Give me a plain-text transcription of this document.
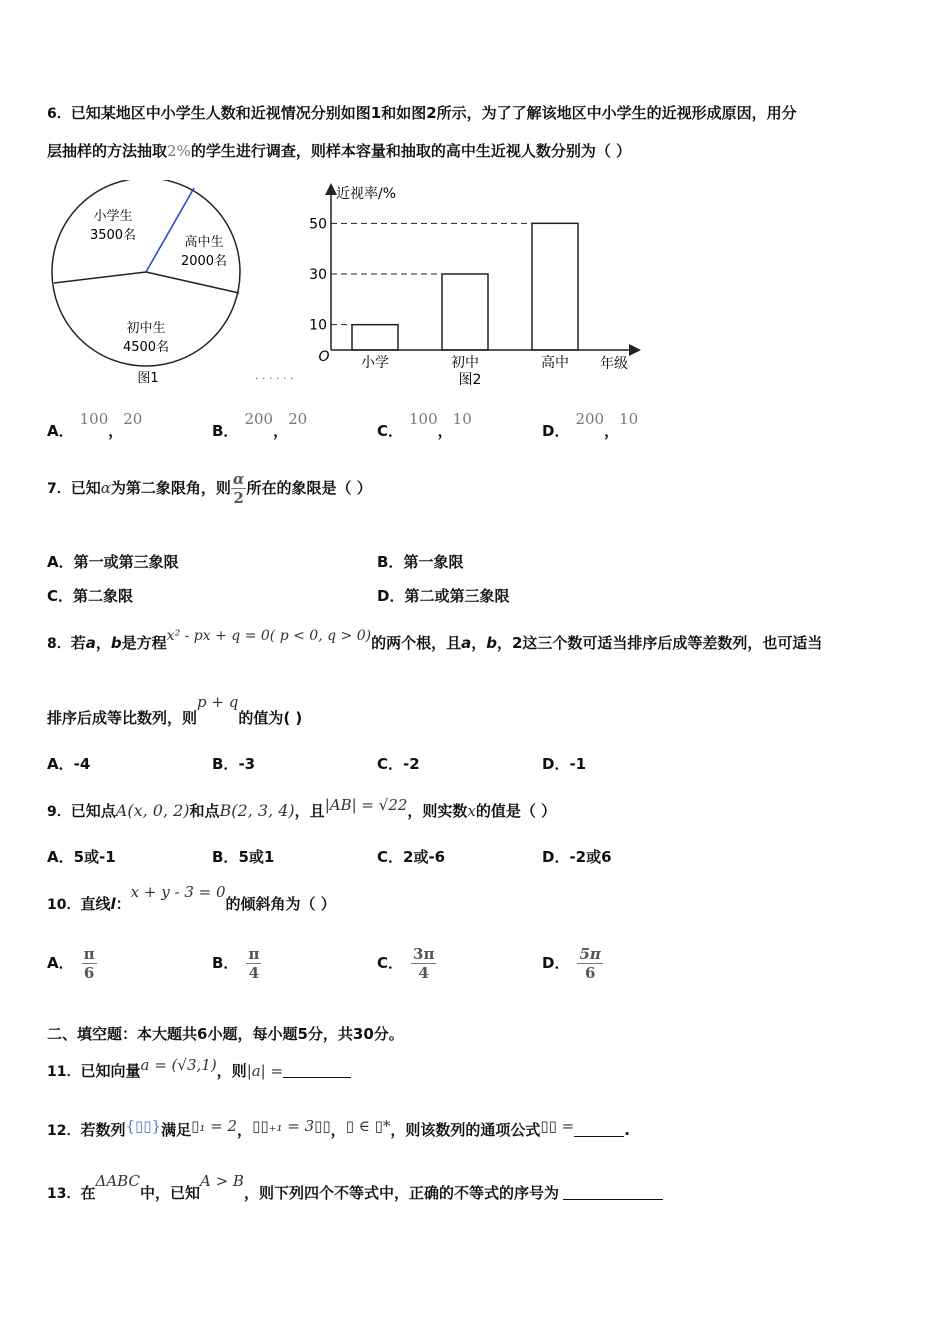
6．已知某地区中小学生人数和近视情况分别如图1和如图2所示，为了了解该地区中小学生的近视形成原因，用分
层抽样的方法抽取2%的学生进行调查，则样本容量和抽取的高中生近视人数分别为（ ）
小学生
3500名	高中生
2000名
初中生
4500名
图1	· · · · · ·
近视率/%
年级
O
10
小学
30
初中
50
高中
图2
A．100，20
B．200，20
C．100，10
D．200，10
7．已知α为第二象限角，则 $\frac{\alpha}{2}$ 所在的象限是（ ）
A．第一或第三象限	B．第一象限
C．第二象限	D．第二或第三象限
8．若a，b是方程x² - px + q = 0( p < 0, q > 0)的两个根，且a，b，2这三个数可适当排序后成等差数列，也可适当
排序后成等比数列，则p + q的值为( )
A．-4	B．-3	C．-2	D．-1
9．已知点A(x, 0, 2)和点B(2, 3, 4)，且|AB| = √22，则实数x的值是（ ）
A．5或-1	B．5或1	C．2或-6	D．-2或6
10．直线l：x + y - 3 = 0的倾斜角为（ ）
A． $\frac{\pi}{6}$	B． $\frac{\pi}{4}$	C． $\frac{3\pi}{4}$	D． $\frac{5\pi}{6}$
二、填空题：本大题共6小题，每小题5分，共30分。
11．已知向量a = (√3,1)，则|a| =
12．若数列{▯▯}满足▯₁ = 2，▯▯₊₁ = 3▯▯，▯ ∈ ▯*，则该数列的通项公式▯▯ =	.
13．在ΔABC中，已知A > B，则下列四个不等式中，正确的不等式的序号为
